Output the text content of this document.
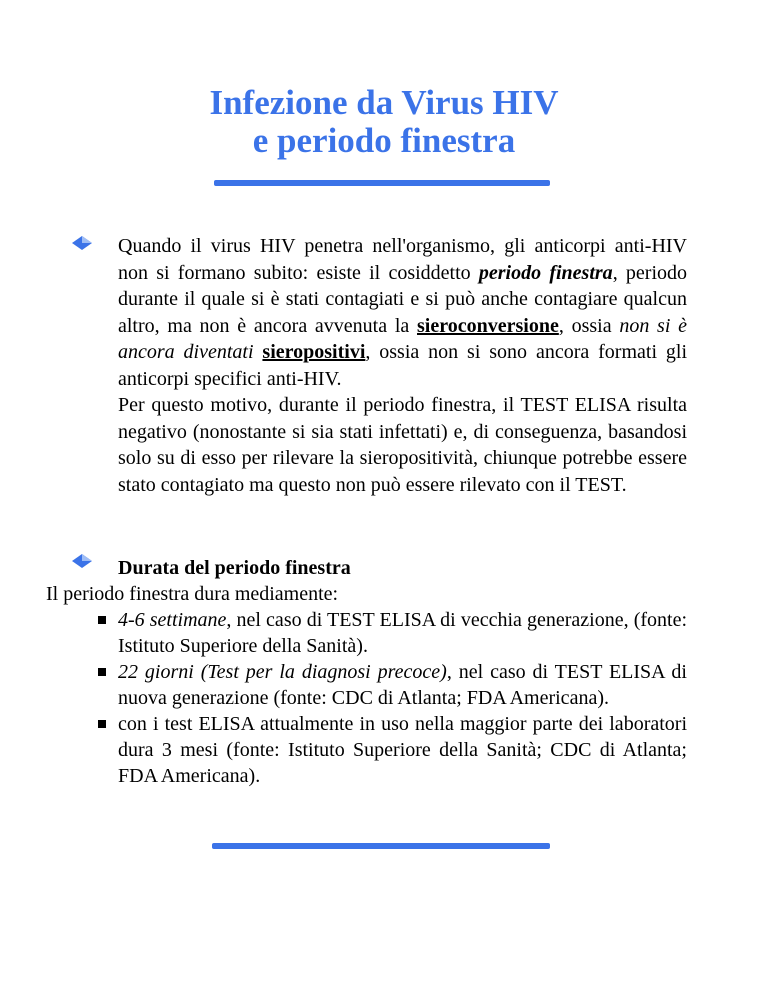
Infezione da Virus HIV
e periodo finestra

Quando il virus HIV penetra nell'organismo, gli anticorpi anti-HIV non si formano subito: esiste il cosiddetto periodo finestra, periodo durante il quale si è stati contagiati e si può anche contagiare qualcun altro, ma non è ancora avvenuta la sieroconversione, ossia non si è ancora diventati sieropositivi, ossia non si sono ancora formati gli anticorpi specifici anti-HIV.

Per questo motivo, durante il periodo finestra, il TEST ELISA risulta negativo (nonostante si sia stati infettati) e, di conseguenza, basandosi solo su di esso per rilevare la sieropositività, chiunque potrebbe essere stato contagiato ma questo non può essere rilevato con il TEST.

Durata del periodo finestra
Il periodo finestra dura mediamente:
4-6 settimane, nel caso di TEST ELISA di vecchia generazione, (fonte: Istituto Superiore della Sanità).
22 giorni (Test per la diagnosi precoce), nel caso di TEST ELISA di nuova generazione (fonte: CDC di Atlanta; FDA Americana).
con i test ELISA attualmente in uso nella maggior parte dei laboratori dura 3 mesi (fonte: Istituto Superiore della Sanità; CDC di Atlanta; FDA Americana).
